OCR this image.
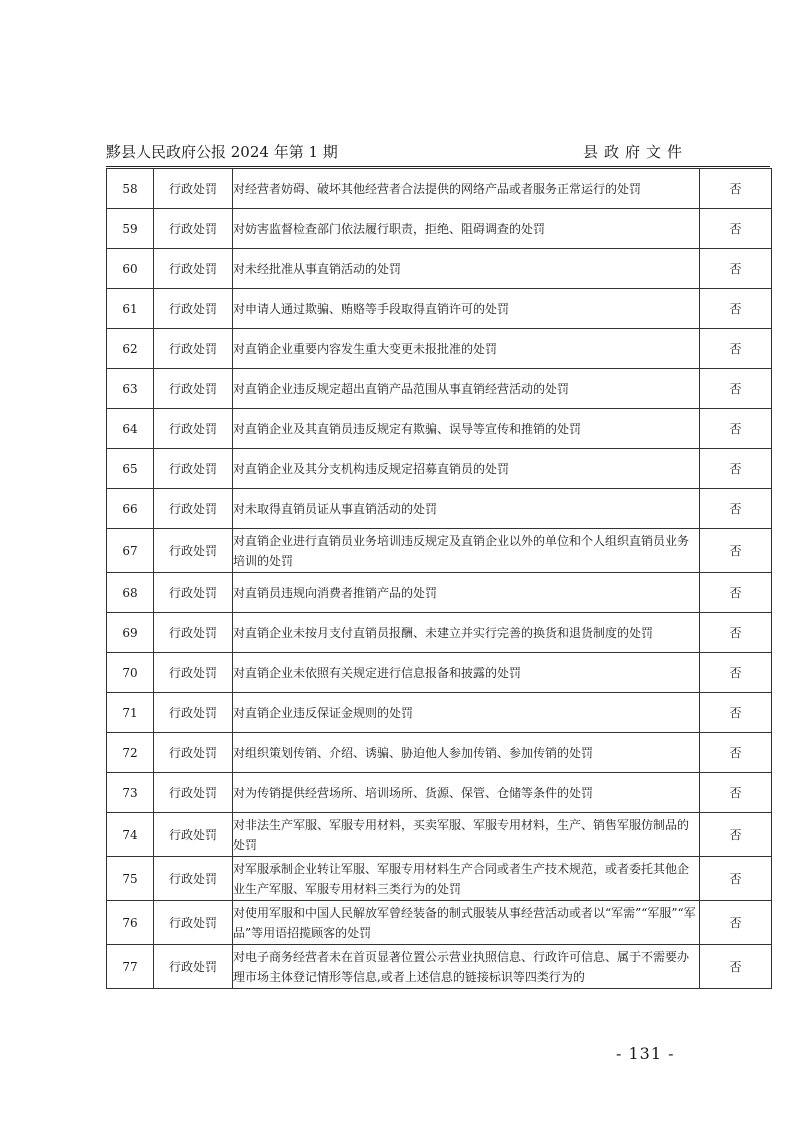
黟县人民政府公报 2024 年第 1 期	县政府文件
58	行政处罚	对经营者妨碍、破坏其他经营者合法提供的网络产品或者服务正常运行的处罚	否
59	行政处罚	对妨害监督检查部门依法履行职责，拒绝、阻碍调查的处罚	否
60	行政处罚	对未经批准从事直销活动的处罚	否
61	行政处罚	对申请人通过欺骗、贿赂等手段取得直销许可的处罚	否
62	行政处罚	对直销企业重要内容发生重大变更未报批准的处罚	否
63	行政处罚	对直销企业违反规定超出直销产品范围从事直销经营活动的处罚	否
64	行政处罚	对直销企业及其直销员违反规定有欺骗、误导等宣传和推销的处罚	否
65	行政处罚	对直销企业及其分支机构违反规定招募直销员的处罚	否
66	行政处罚	对未取得直销员证从事直销活动的处罚	否
67	行政处罚	对直销企业进行直销员业务培训违反规定及直销企业以外的单位和个人组织直销员业务培训的处罚	否
68	行政处罚	对直销员违规向消费者推销产品的处罚	否
69	行政处罚	对直销企业未按月支付直销员报酬、未建立并实行完善的换货和退货制度的处罚	否
70	行政处罚	对直销企业未依照有关规定进行信息报备和披露的处罚	否
71	行政处罚	对直销企业违反保证金规则的处罚	否
72	行政处罚	对组织策划传销、介绍、诱骗、胁迫他人参加传销、参加传销的处罚	否
73	行政处罚	对为传销提供经营场所、培训场所、货源、保管、仓储等条件的处罚	否
74	行政处罚	对非法生产军服、军服专用材料，买卖军服、军服专用材料，生产、销售军服仿制品的处罚	否
75	行政处罚	对军服承制企业转让军服、军服专用材料生产合同或者生产技术规范，或者委托其他企业生产军服、军服专用材料三类行为的处罚	否
76	行政处罚	对使用军服和中国人民解放军曾经装备的制式服装从事经营活动或者以“军需”“军服”“军品”等用语招揽顾客的处罚	否
77	行政处罚	对电子商务经营者未在首页显著位置公示营业执照信息、行政许可信息、属于不需要办理市场主体登记情形等信息,或者上述信息的链接标识等四类行为的	否
- 131 -
